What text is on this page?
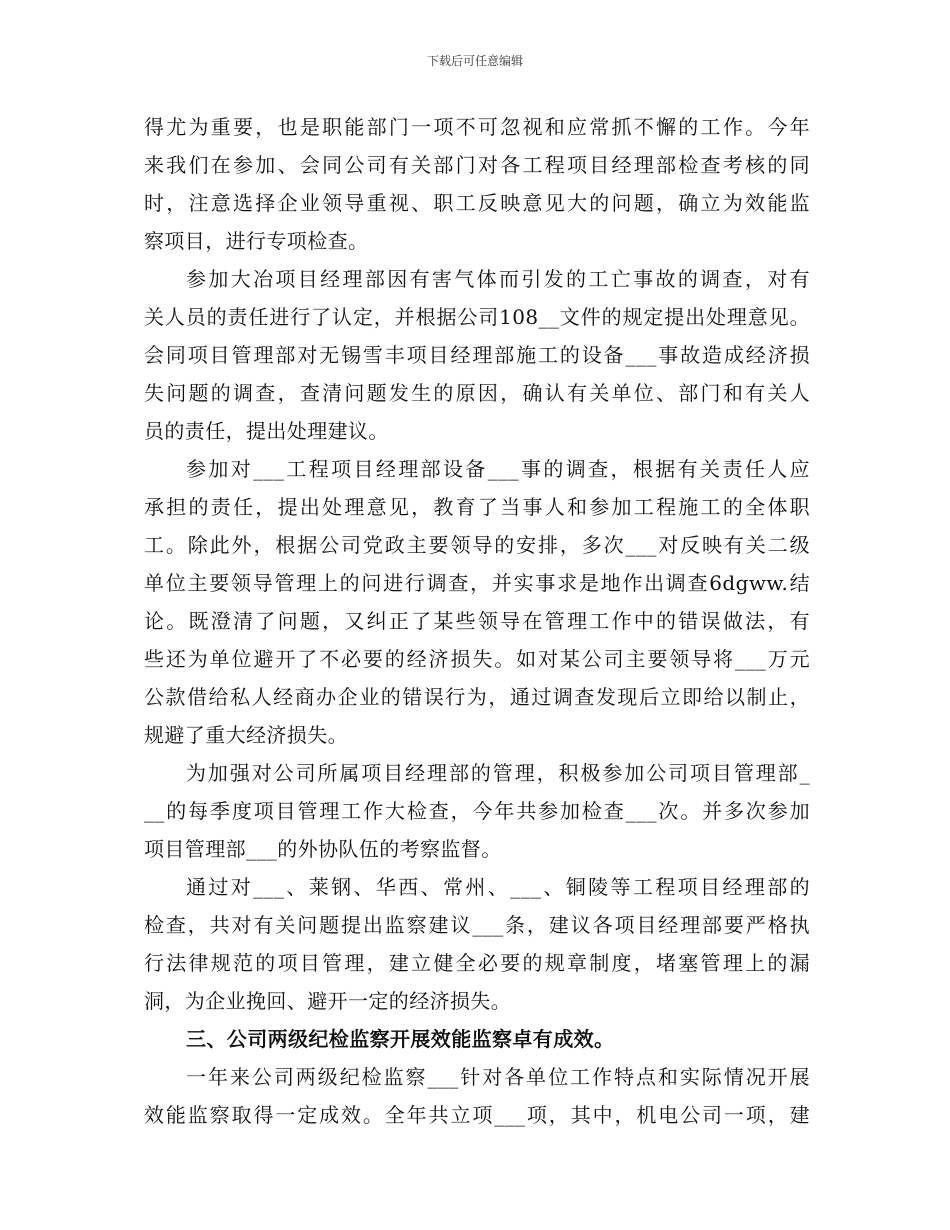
下载后可任意编辑
得尤为重要，也是职能部门一项不可忽视和应常抓不懈的工作。今年
来我们在参加、会同公司有关部门对各工程项目经理部检查考核的同
时，注意选择企业领导重视、职工反映意见大的问题，确立为效能监
察项目，进行专项检查。
参加大冶项目经理部因有害气体而引发的工亡事故的调查，对有
关人员的责任进行了认定，并根据公司108__文件的规定提出处理意见。
会同项目管理部对无锡雪丰项目经理部施工的设备___事故造成经济损
失问题的调查，查清问题发生的原因，确认有关单位、部门和有关人
员的责任，提出处理建议。
参加对___工程项目经理部设备___事的调查，根据有关责任人应
承担的责任，提出处理意见，教育了当事人和参加工程施工的全体职
工。除此外，根据公司党政主要领导的安排，多次___对反映有关二级
单位主要领导管理上的问进行调查，并实事求是地作出调查6dgww.结
论。既澄清了问题，又纠正了某些领导在管理工作中的错误做法，有
些还为单位避开了不必要的经济损失。如对某公司主要领导将___万元
公款借给私人经商办企业的错误行为，通过调查发现后立即给以制止，
规避了重大经济损失。
为加强对公司所属项目经理部的管理，积极参加公司项目管理部_
__的每季度项目管理工作大检查，今年共参加检查___次。并多次参加
项目管理部___的外协队伍的考察监督。
通过对___、莱钢、华西、常州、___、铜陵等工程项目经理部的
检查，共对有关问题提出监察建议___条，建议各项目经理部要严格执
行法律规范的项目管理，建立健全必要的规章制度，堵塞管理上的漏
洞，为企业挽回、避开一定的经济损失。
三、公司两级纪检监察开展效能监察卓有成效。
一年来公司两级纪检监察___针对各单位工作特点和实际情况开展
效能监察取得一定成效。全年共立项___项，其中，机电公司一项，建
